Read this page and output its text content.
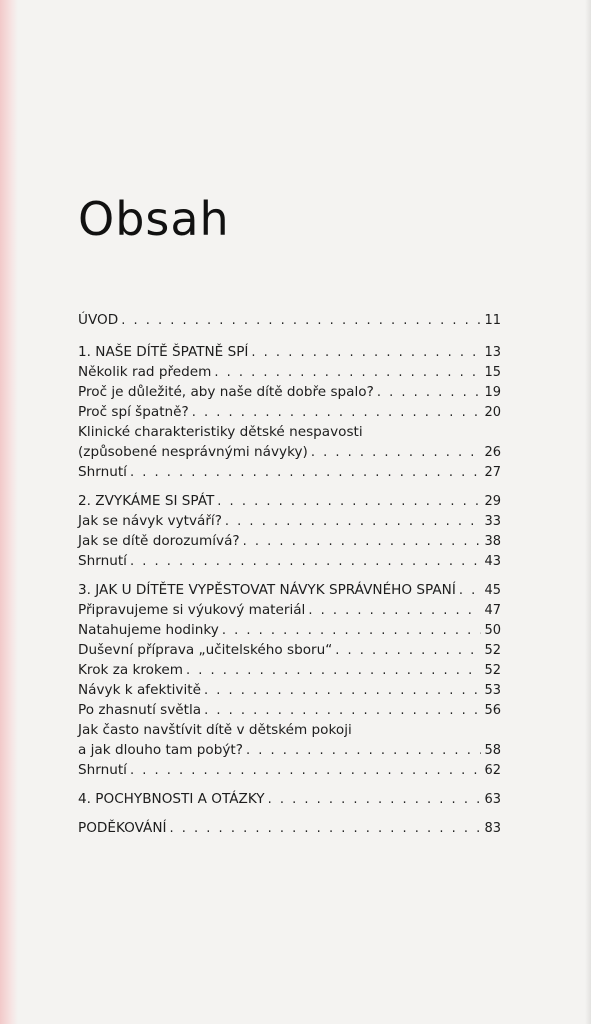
Obsah
ÚVOD . . .	11
1. NAŠE DÍTĚ ŠPATNĚ SPÍ . . .	13
Několik rad předem . . .	15
Proč je důležité, aby naše dítě dobře spalo? . . .	19
Proč spí špatně? . . .	20
Klinické charakteristiky dětské nespavosti
(způsobené nesprávnými návyky) . . .	26
Shrnutí . . .	27
2. ZVYKÁME SI SPÁT . . .	29
Jak se návyk vytváří? . . .	33
Jak se dítě dorozumívá? . . .	38
Shrnutí . . .	43
3. JAK U DÍTĚTE VYPĚSTOVAT NÁVYK SPRÁVNÉHO SPANÍ . . . 45
Připravujeme si výukový materiál . . .	47
Natahujeme hodinky . . .	50
Duševní příprava „učitelského sboru“ . . .	52
Krok za krokem . . .	52
Návyk k afektivitě . . .	53
Po zhasnutí světla . . .	56
Jak často navštívit dítě v dětském pokoji
a jak dlouho tam pobýt? . . .	58
Shrnutí . . .	62
4. POCHYBNOSTI A OTÁZKY . . .	63
PODĚKOVÁNÍ . . .	83
